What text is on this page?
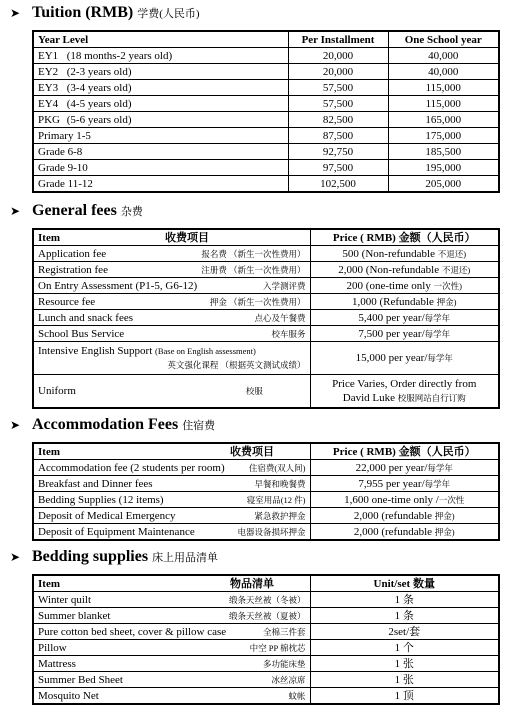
➤ Tuition (RMB) 学费(人民币)
Year Level	Per Installment	One School year
EY1 (18 months-2 years old)	20,000	40,000
EY2 (2-3 years old)	20,000	40,000
EY3 (3-4 years old)	57,500	115,000
EY4 (4-5 years old)	57,500	115,000
PKG (5-6 years old)	82,500	165,000
Primary 1-5	87,500	175,000
Grade 6-8	92,750	185,500
Grade 9-10	97,500	195,000
Grade 11-12	102,500	205,000
➤ General fees 杂费
Item 收费项目	Price ( RMB) 金额（人民币）
Application fee 报名费 （新生一次性费用）	500 (Non-refundable 不退还)
Registration fee 注册费 （新生一次性费用）	2,000 (Non-refundable 不退还)
On Entry Assessment (P1-5, G6-12) 入学测评费	200 (one-time only 一次性)
Resource fee 押金 （新生一次性费用）	1,000 (Refundable 押金)
Lunch and snack fees 点心及午餐费	5,400 per year/每学年
School Bus Service 校车服务	7,500 per year/每学年

Intensive English Support (Base on English assessment)
英文强化课程 （根据英文测试成绩）	15,000 per year/每学年
Uniform 校服	Price Varies, Order directly from
David Luke 校服网站自行订购
➤ Accommodation Fees 住宿费
Item 收费项目	Price ( RMB) 金额（人民币）
Accommodation fee (2 students per room) 住宿费(双人间)	22,000 per year/每学年
Breakfast and Dinner fees 早餐和晚餐费	7,955 per year/每学年
Bedding Supplies (12 items) 寝室用品(12 件)	1,600 one-time only /一次性
Deposit of Medical Emergency 紧急救护押金	2,000 (refundable 押金)
Deposit of Equipment Maintenance 电器设备损坏押金	2,000 (refundable 押金)
➤ Bedding supplies 床上用品清单
Item 物品清单	Unit/set 数量
Winter quilt 缎条天丝被（冬被）	1 条
Summer blanket 缎条天丝被（夏被）	1 条
Pure cotton bed sheet, cover & pillow case 全棉三件套	2set/套
Pillow 中空 PP 棉枕芯	1 个
Mattress 多功能床垫	1 张
Summer Bed Sheet 冰丝凉席	1 张
Mosquito Net 蚊帐	1 顶
